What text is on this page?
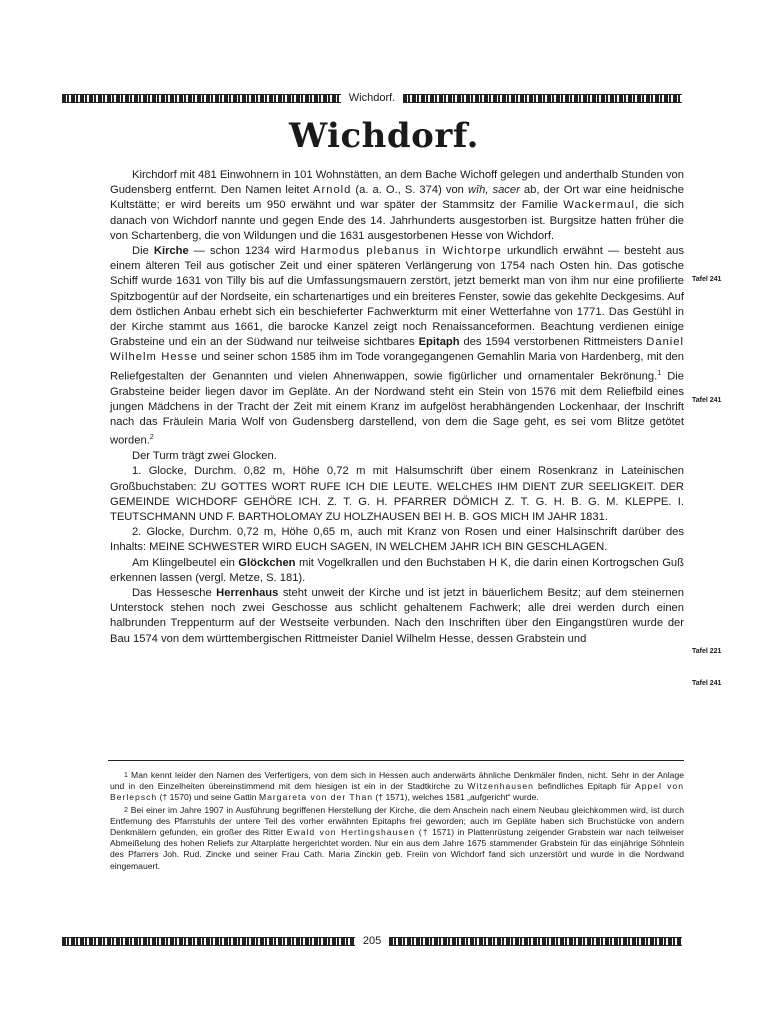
Wichdorf.
Wichdorf.

Kirchdorf mit 481 Einwohnern in 101 Wohnstätten, an dem Bache Wichoff gelegen und anderthalb Stunden von Gudensberg entfernt. Den Namen leitet Arnold (a. a. O., S. 374) von wîh, sacer ab, der Ort war eine heidnische Kultstätte; er wird bereits um 950 erwähnt und war später der Stammsitz der Familie Wackermaul, die sich danach von Wichdorf nannte und gegen Ende des 14. Jahrhunderts ausgestorben ist. Burgsitze hatten früher die von Schartenberg, die von Wildungen und die 1631 ausgestorbenen Hesse von Wichdorf.

Die Kirche — schon 1234 wird Harmodus plebanus in Wichtorpe urkundlich erwähnt — besteht aus einem älteren Teil aus gotischer Zeit und einer späteren Verlängerung von 1754 nach Osten hin. Das gotische Schiff wurde 1631 von Tilly bis auf die Umfassungsmauern zerstört, jetzt bemerkt man von ihm nur eine profilierte Spitzbogentür auf der Nordseite, ein schartenartiges und ein breiteres Fenster, sowie das gekehlte Deckgesims. Auf dem östlichen Anbau erhebt sich ein beschieferter Fachwerkturm mit einer Wetterfahne von 1771. Das Gestühl in der Kirche stammt aus 1661, die barocke Kanzel zeigt noch Renaissanceformen. Beachtung verdienen einige Grabsteine und ein an der Südwand nur teilweise sichtbares Epitaph des 1594 verstorbenen Rittmeisters Daniel Wilhelm Hesse und seiner schon 1585 ihm im Tode vorangegangenen Gemahlin Maria von Hardenberg, mit den Reliefgestalten der Genannten und vielen Ahnenwappen, sowie figürlicher und ornamentaler Bekrönung.$^1$ Die Grabsteine beider liegen davor im Gepläte. An der Nordwand steht ein Stein von 1576 mit dem Reliefbild eines jungen Mädchens in der Tracht der Zeit mit einem Kranz im aufgelöst herabhängenden Lockenhaar, der Inschrift nach das Fräulein Maria Wolf von Gudensberg darstellend, von dem die Sage geht, es sei vom Blitze getötet worden.$^2$

Der Turm trägt zwei Glocken.

1. Glocke, Durchm. 0,82 m, Höhe 0,72 m mit Halsumschrift über einem Rosenkranz in Lateinischen Großbuchstaben: ZU GOTTES WORT RUFE ICH DIE LEUTE. WELCHES IHM DIENT ZUR SEELIGKEIT. DER GEMEINDE WICHDORF GEHÖRE ICH. Z. T. G. H. PFARRER DÖMICH Z. T. G. H. B. G. M. KLEPPE. I. TEUTSCHMANN UND F. BARTHOLOMAY ZU HOLZHAUSEN BEI H. B. GOS MICH IM JAHR 1831.

2. Glocke, Durchm. 0,72 m, Höhe 0,65 m, auch mit Kranz von Rosen und einer Halsinschrift darüber des Inhalts: MEINE SCHWESTER WIRD EUCH SAGEN, IN WELCHEM JAHR ICH BIN GESCHLAGEN.

Am Klingelbeutel ein Glöckchen mit Vogelkrallen und den Buchstaben H K, die darin einen Kortrogschen Guß erkennen lassen (vergl. Metze, S. 181).

Das Hessesche Herrenhaus steht unweit der Kirche und ist jetzt in bäuerlichem Besitz; auf dem steinernen Unterstock stehen noch zwei Geschosse aus schlicht gehaltenem Fachwerk; alle drei werden durch einen halbrunden Treppenturm auf der Westseite verbunden. Nach den Inschriften über den Eingangstüren wurde der Bau 1574 von dem württembergischen Rittmeister Daniel Wilhelm Hesse, dessen Grabstein und

Tafel 241
Tafel 241
Tafel 221
Tafel 241

$^1$ Man kennt leider den Namen des Verfertigers, von dem sich in Hessen auch anderwärts ähnliche Denkmäler finden, nicht. Sehr in der Anlage und in den Einzelheiten übereinstimmend mit dem hiesigen ist ein in der Stadtkirche zu Witzenhausen befindliches Epitaph für Appel von Berlepsch († 1570) und seine Gattin Margareta von der Than († 1571), welches 1581 „aufgericht“ wurde.

$^2$ Bei einer im Jahre 1907 in Ausführung begriffenen Herstellung der Kirche, die dem Anschein nach einem Neubau gleichkommen wird, ist durch Entfernung des Pfarrstuhls der untere Teil des vorher erwähnten Epitaphs frei geworden; auch im Gepläte haben sich Bruchstücke von andern Denkmälern gefunden, ein großer des Ritter Ewald von Hertingshausen († 1571) in Plattenrüstung zeigender Grabstein war nach teilweiser Abmeißelung des hohen Reliefs zur Altarplatte hergerichtet worden. Nur ein aus dem Jahre 1675 stammender Grabstein für das einjährige Söhnlein des Pfarrers Joh. Rud. Zincke und seiner Frau Cath. Maria Zinckin geb. Freiin von Wichdorf fand sich unzerstört und wurde in die Nordwand eingemauert.

205
